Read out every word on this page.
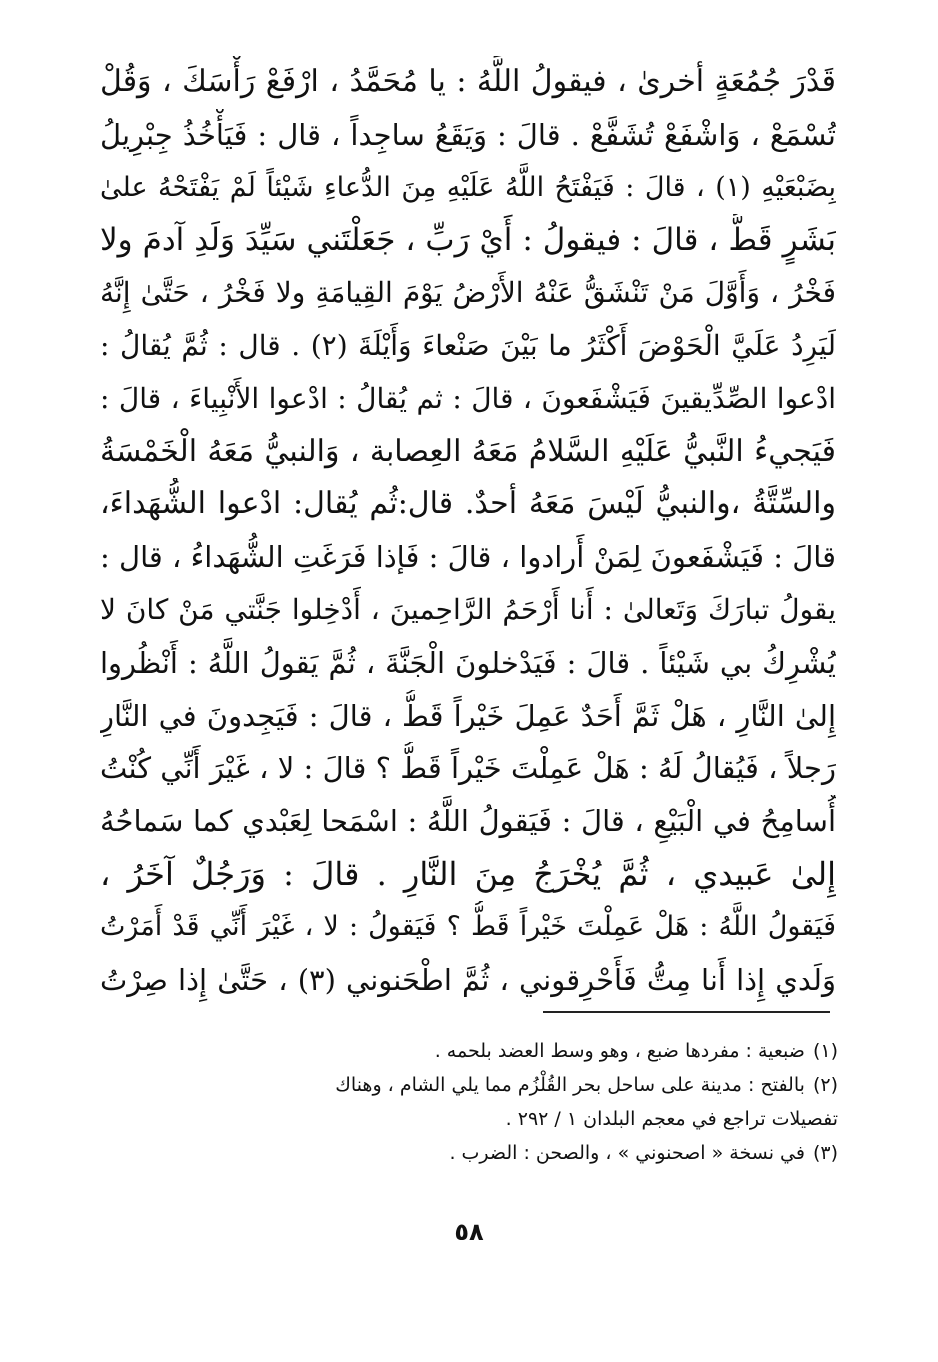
قَدْرَ جُمُعَةٍ أخرىٰ ، فيقولُ اللَّهُ : يا مُحَمَّدُ ، ارْفَعْ رَأْسَكَ ، وَقُلْ
تُسْمَعْ ، وَاشْفَعْ تُشَفَّعْ . قالَ : وَيَقَعُ ساجِداً ، قال : فَيَأْخُذُ جِبْرِيلُ
بِضَبْعَيْهِ (١) ، قالَ : فَيَفْتَحُ اللَّهُ عَلَيْهِ مِنَ الدُّعاءِ شَيْئاً لَمْ يَفْتَحْهُ علىٰ
بَشَرٍ قَطُّ ، قالَ : فيقولُ : أَيْ رَبِّ ، جَعَلْتَني سَيِّدَ وَلَدِ آدمَ ولا
فَخْرُ ، وَأَوَّلَ مَنْ تَنْشَقُّ عَنْهُ الأَرْضُ يَوْمَ القِيامَةِ ولا فَخْرُ ، حَتَّىٰ إِنَّهُ
لَيَرِدُ عَلَيَّ الْحَوْضَ أَكْثَرُ ما بَيْنَ صَنْعاءَ وَأَيْلَةَ (٢) . قال : ثُمَّ يُقالُ :
ادْعوا الصِّدِّيقينَ فَيَشْفَعونَ ، قالَ : ثم يُقالُ : ادْعوا الأَنْبِياءَ ، قالَ :
فَيَجيءُ النَّبيُّ عَلَيْهِ السَّلامُ مَعَهُ العِصابة ، وَالنبيُّ مَعَهُ الْخَمْسَةُ
والسِّتَّةُ ،والنبيُّ لَيْسَ مَعَهُ أحدٌ. قال:ثُم يُقال: ادْعوا الشُّهَداءَ،
قالَ : فَيَشْفَعونَ لِمَنْ أَرادوا ، قالَ : فَإذا فَرَغَتِ الشُّهَداءُ ، قال :
يقولُ تبارَكَ وَتَعالىٰ : أَنا أَرْحَمُ الرَّاحِمينَ ، أَدْخِلوا جَنَّتي مَنْ كانَ لا
يُشْرِكُ بي شَيْئاً . قالَ : فَيَدْخلونَ الْجَنَّةَ ، ثُمَّ يَقولُ اللَّهُ : أَنْظُروا
إِلىٰ النَّارِ ، هَلْ ثَمَّ أَحَدٌ عَمِلَ خَيْراً قَطُّ ، قالَ : فَيَجِدونَ في النَّارِ
رَجلاً ، فَيُقالُ لَهُ : هَلْ عَمِلْتَ خَيْراً قَطُّ ؟ قالَ : لا ، غَيْرَ أَنِّي كُنْتُ
أُسامِحُ في الْبَيْعِ ، قالَ : فَيَقولُ اللَّهُ : اسْمَحا لِعَبْدي كما سَماحُهُ
إِلىٰ عَبيدي ، ثُمَّ يُخْرَجُ مِنَ النَّارِ . قالَ : وَرَجُلٌ آخَرُ ،
فَيَقولُ اللَّهُ : هَلْ عَمِلْتَ خَيْراً قَطُّ ؟ فَيَقولُ : لا ، غَيْرَ أَنِّي قَدْ أَمَرْتُ
وَلَدي إِذا أَنا مِتُّ فَأَحْرِقوني ، ثُمَّ اطْحَنوني (٣) ، حَتَّىٰ إِذا صِرْتُ

(١)ضبعية : مفردها ضبع ، وهو وسط العضد بلحمه .

(٢)بالفتح : مدينة على ساحل بحر القُلْزُم مما يلي الشام ، وهناك

تفصيلات تراجع في معجم البلدان ١ / ٢٩٢ .

(٣)في نسخة « اصحنوني » ، والصحن : الضرب .

٥٨
